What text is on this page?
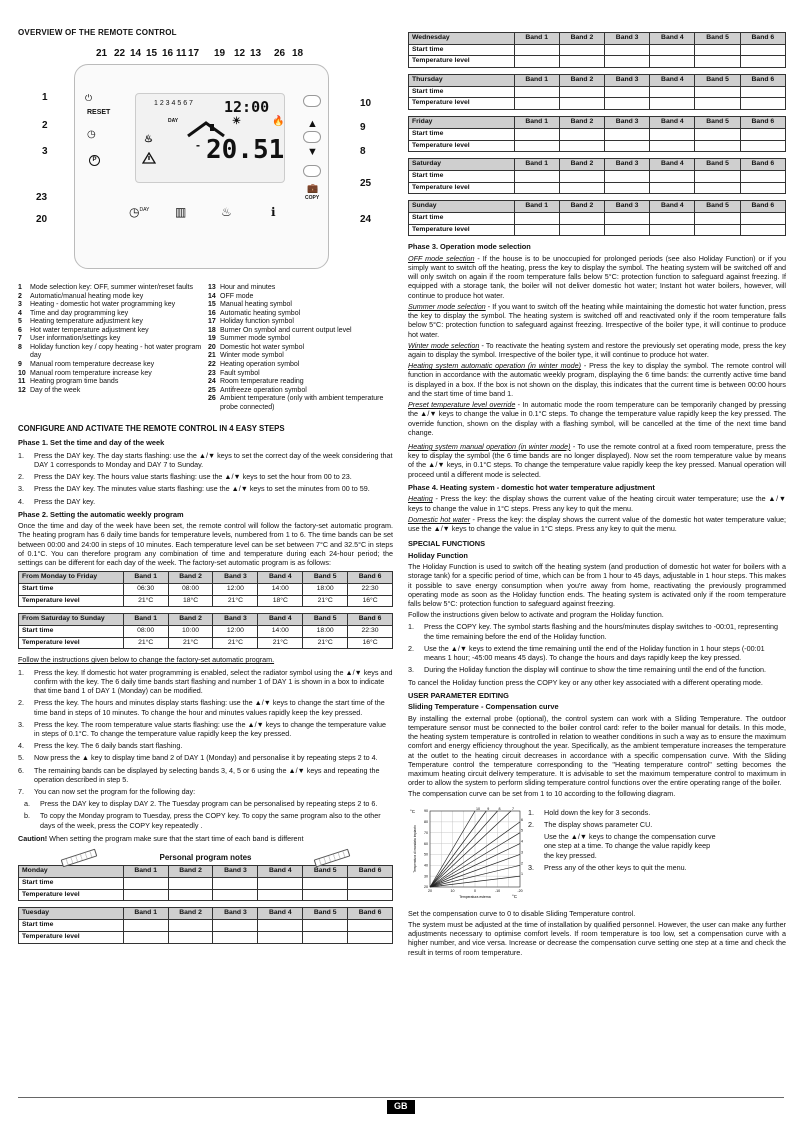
OVERVIEW OF THE REMOTE CONTROL
21 22 14 15 16 11 17 19 12 13 26 18
1
2
3
23
20
10
9
8
25
24
1 2 3 4 5 6 7 12:00
20.51
☀	🔥
DAY
-
♨
RESET
⏻
◷
P
▲
▼
💼
COPY
◷$^{DAY}$ ▥	♨	ℹ
1	Mode selection key: OFF, summer winter/reset faults
2	Automatic/manual heating mode key
3	Heating - domestic hot water programming key
4	Time and day programming key
5	Heating temperature adjustment key
6	Hot water temperature adjustment key
7	User information/settings key
8	Holiday function key / copy heating - hot water program day
9	Manual room temperature decrease key
10 Manual room temperature increase key
11 Heating program time bands
12 Day of the week
13 Hour and minutes
14 OFF mode
15 Manual heating symbol
16 Automatic heating symbol
17 Holiday function symbol
18 Burner On symbol and current output level
19 Summer mode symbol
20 Domestic hot water symbol
21 Winter mode symbol
22 Heating operation symbol
23 Fault symbol
24 Room temperature reading
25 Antifreeze operation symbol
26 Ambient temperature (only with ambient temperature probe connected)
CONFIGURE AND ACTIVATE THE REMOTE CONTROL IN 4 EASY STEPS
Phase 1. Set the time and day of the week
1.	Press the DAY key. The day starts flashing: use the ▲/▼ keys to set the correct day of the week considering that DAY 1 corresponds to Monday and DAY 7 to Sunday.
2.	Press the DAY key. The hours value starts flashing: use the ▲/▼ keys to set the hour from 00 to 23.
3.	Press the DAY key. The minutes value starts flashing: use the ▲/▼ keys to set the minutes from 00 to 59.
4.	Press the DAY key.
Phase 2. Setting the automatic weekly program

Once the time and day of the week have been set, the remote control will follow the factory-set automatic program. The heating program has 6 daily time bands for temperature levels, numbered from 1 to 6. The time bands can be set between 00:00 and 24:00 in steps of 10 minutes. Each temperature level can be set between 7°C and 32.5°C in steps of 0.1°C. You can therefore program any combination of time and temperature during each 24-hour period; the settings can be different for each day of the week. The factory-set automatic program is as follows:

From Monday to Friday	Band 1	Band 2	Band 3	Band 4	Band 5	Band 6
Start time	06:30	08:00	12:00	14:00	18:00	22:30
Temperature level	21°C	18°C	21°C	18°C	21°C	16°C
From Saturday to Sunday	Band 1	Band 2	Band 3	Band 4	Band 5	Band 6
Start time	08:00	10:00	12:00	14:00	18:00	22:30
Temperature level	21°C	21°C	21°C	21°C	21°C	16°C

Follow the instructions given below to change the factory-set automatic program.

1.	Press the key. If domestic hot water programming is enabled, select the radiator symbol using the ▲/▼ keys and confirm with the key. The 6 daily time bands start flashing and number 1 of DAY 1 is shown in a box to indicate that time band 1 of DAY 1 (Monday) can be modified.
2.	Press the key. The hours and minutes display starts flashing: use the ▲/▼ keys to change the start time of the time band in steps of 10 minutes. To change the hour and minutes values rapidly keep the key pressed.
3.	Press the key. The room temperature value starts flashing: use the ▲/▼ keys to change the temperature value in steps of 0.1°C. To change the temperature value rapidly keep the key pressed.
4.	Press the key. The 6 daily bands start flashing.
5.	Now press the ▲ key to display time band 2 of DAY 1 (Monday) and personalise it by repeating steps 2 to 4.
6.	The remaining bands can be displayed by selecting bands 3, 4, 5 or 6 using the ▲/▼ keys and repeating the operation described in step 5.
7.	You can now set the program for the following day:
a.	Press the DAY key to display DAY 2. The Tuesday program can be personalised by repeating steps 2 to 6.
b.	To copy the Monday program to Tuesday, press the COPY key. To copy the same program also to the other days of the week, press the COPY key repeatedly .

Caution! When setting the program make sure that the start time of each band is different

Personal program notes
Monday	Band 1	Band 2	Band 3	Band 4	Band 5	Band 6
Start time						
Temperature level						
Tuesday	Band 1	Band 2	Band 3	Band 4	Band 5	Band 6
Start time						
Temperature level						
Wednesday	Band 1	Band 2	Band 3	Band 4	Band 5	Band 6
Start time						
Temperature level						
Thursday	Band 1	Band 2	Band 3	Band 4	Band 5	Band 6
Start time						
Temperature level						
Friday	Band 1	Band 2	Band 3	Band 4	Band 5	Band 6
Start time						
Temperature level						
Saturday	Band 1	Band 2	Band 3	Band 4	Band 5	Band 6
Start time						
Temperature level						
Sunday	Band 1	Band 2	Band 3	Band 4	Band 5	Band 6
Start time						
Temperature level						
Phase 3. Operation mode selection

OFF mode selection - If the house is to be unoccupied for prolonged periods (see also Holiday Function) or if you simply want to switch off the heating, press the key to display the symbol. The heating system will be switched off and will only switch on again if the room temperature falls below 5°C: protection function to safeguard against freezing. If equipped with a storage tank, the boiler will not deliver domestic hot water; Instant hot water boilers, however, will continue to produce hot water.

Summer mode selection - If you want to switch off the heating while maintaining the domestic hot water function, press the key to display the symbol. The heating system is switched off and reactivated only if the room temperature falls below 5°C: protection function to safeguard against freezing. Irrespective of the boiler type, it will continue to produce hot water.

Winter mode selection - To reactivate the heating system and restore the previously set operating mode, press the key again to display the symbol. Irrespective of the boiler type, it will continue to produce hot water.

Heating system automatic operation (in winter mode) - Press the key to display the symbol. The remote control will function in accordance with the automatic weekly program, displaying the 6 time bands: the currently active time band is displayed in a box. If the box is not shown on the display, this indicates that the current time is between 00:00 hours and the start time of time band 1.

Preset temperature level override - In automatic mode the room temperature can be temporarily changed by pressing the ▲/▼ keys to change the value in 0.1°C steps. To change the temperature value rapidly keep the key pressed. The override function, shown on the display with a flashing symbol, will be cancelled at the time of the next time band change.

Heating system manual operation (in winter mode) - To use the remote control at a fixed room temperature, press the key to display the symbol (the 6 time bands are no longer displayed). Now set the room temperature value by means of the ▲/▼ keys, in 0.1°C steps. To change the temperature value rapidly keep the key pressed. Manual operation will proceed until a different mode is selected.

Phase 4. Heating system - domestic hot water temperature adjustment

Heating - Press the key: the display shows the current value of the heating circuit water temperature; use the ▲/▼ keys to change the value in 1°C steps. Press any key to quit the menu.

Domestic hot water - Press the key: the display shows the current value of the domestic hot water temperature value; use the ▲/▼ keys to change the value in 1°C steps. Press any key to quit the menu.

SPECIAL FUNCTIONS
Holiday Function

The Holiday Function is used to switch off the heating system (and production of domestic hot water for boilers with a storage tank) for a specific period of time, which can be from 1 hour to 45 days, adjustable in 1 hour steps. This makes it possible to save energy consumption when you're away from home, reactivating the previously programmed operating mode as soon as the Holiday function ends. The heating system is activated only if the room temperature falls below 5°C: protection function to safeguard against freezing.

Follow the instructions given below to activate and program the Holiday function.

1.	Press the COPY key. The symbol starts flashing and the hours/minutes display switches to -00:01, representing the time remaining before the end of the Holiday function.
2.	Use the ▲/▼ keys to extend the time remaining until the end of the Holiday function in 1 hour steps (-00:01 means 1 hour; -45:00 means 45 days). To change the hours and days rapidly keep the key pressed.
3.	During the Holiday function the display will continue to show the time remaining until the end of the function.

To cancel the Holiday function press the COPY key or any other key associated with a different operating mode.

USER PARAMETER EDITING
Sliding Temperature - Compensation curve

By installing the external probe (optional), the control system can work with a Sliding Temperature. The outdoor temperature sensor must be connected to the boiler control card: refer to the boiler manual for details. In this mode, the heating system temperature is controlled in relation to weather conditions in such a way as to ensure the maximum comfort and energy efficiency throughout the year. Specifically, as the ambient temperature increases the temperature at the outlet to the heating circuit decreases in accordance with a specific compensation curve. With the Sliding Temperature control the temperature corresponding to the "Heating temperature control" setting becomes the maximum heating circuit delivery temperature. It is advisable to set the maximum temperature control to maximum in order to allow the system to perform sliding temperature control functions over the entire operating range of the boiler.

The compensation curve can be set from 1 to 10 according to the following diagram.

1
2
3
4
5
6
7
8
9
10
90
80
70
60
50
40
30
20
20	10	0	-10	-20
Temperatura esterna	°C
°C
Temperatura di mandata impianto
1.	Hold down the key for 3 seconds.
2.	The display shows parameter CU.
Use the ▲/▼ keys to change the compensation curve one step at a time. To change the value rapidly keep the key pressed.
3.	Press any of the other keys to quit the menu.

Set the compensation curve to 0 to disable Sliding Temperature control.

The system must be adjusted at the time of installation by qualified personnel. However, the user can make any further adjustments necessary to optimise comfort levels. If room temperature is too low, set a compensation curve with a higher number, and vice versa. Increase or decrease the compensation curve setting one step at a time and check the result in terms of room temperature.

GB
